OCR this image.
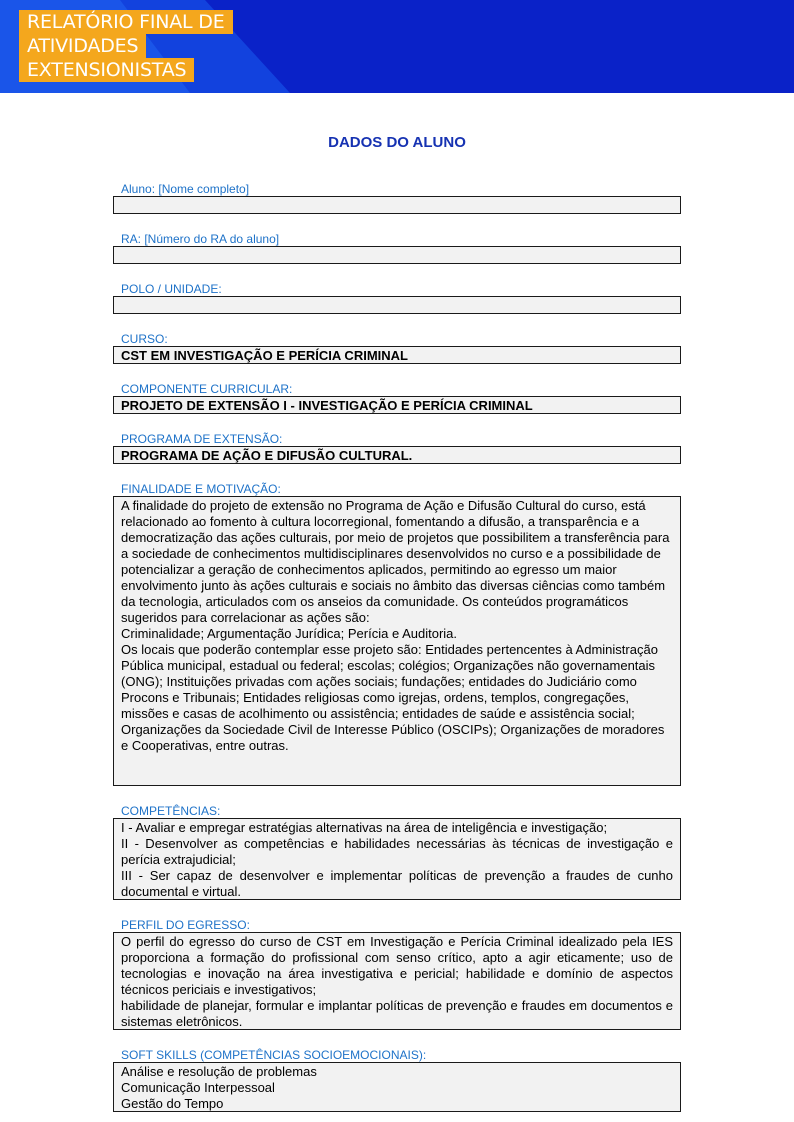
RELATÓRIO FINAL DE
ATIVIDADES
EXTENSIONISTAS
DADOS DO ALUNO
Aluno: [Nome completo]
RA: [Número do RA do aluno]
POLO / UNIDADE:
CURSO:
CST EM INVESTIGAÇÃO E PERÍCIA CRIMINAL
COMPONENTE CURRICULAR:
PROJETO DE EXTENSÃO I - INVESTIGAÇÃO E PERÍCIA CRIMINAL
PROGRAMA DE EXTENSÃO:
PROGRAMA DE AÇÃO E DIFUSÃO CULTURAL.
FINALIDADE E MOTIVAÇÃO:
A finalidade do projeto de extensão no Programa de Ação e Difusão Cultural do curso, está relacionado ao fomento à cultura locorregional, fomentando a difusão, a transparência e a democratização das ações culturais, por meio de projetos que possibilitem a transferência para a sociedade de conhecimentos multidisciplinares desenvolvidos no curso e a possibilidade de potencializar a geração de conhecimentos aplicados, permitindo ao egresso um maior envolvimento junto às ações culturais e sociais no âmbito das diversas ciências como também da tecnologia, articulados com os anseios da comunidade. Os conteúdos programáticos sugeridos para correlacionar as ações são:
Criminalidade; Argumentação Jurídica; Perícia e Auditoria.
Os locais que poderão contemplar esse projeto são: Entidades pertencentes à Administração Pública municipal, estadual ou federal; escolas; colégios; Organizações não governamentais (ONG); Instituições privadas com ações sociais; fundações; entidades do Judiciário como Procons e Tribunais; Entidades religiosas como igrejas, ordens, templos, congregações, missões e casas de acolhimento ou assistência; entidades de saúde e assistência social; Organizações da Sociedade Civil de Interesse Público (OSCIPs); Organizações de moradores e Cooperativas, entre outras.
COMPETÊNCIAS:
I - Avaliar e empregar estratégias alternativas na área de inteligência e investigação;
II - Desenvolver as competências e habilidades necessárias às técnicas de investigação e perícia extrajudicial;
III - Ser capaz de desenvolver e implementar políticas de prevenção a fraudes de cunho documental e virtual.
PERFIL DO EGRESSO:
O perfil do egresso do curso de CST em Investigação e Perícia Criminal idealizado pela IES proporciona a formação do profissional com senso crítico, apto a agir eticamente; uso de tecnologias e inovação na área investigativa e pericial; habilidade e domínio de aspectos técnicos periciais e investigativos;
habilidade de planejar, formular e implantar políticas de prevenção e fraudes em documentos e sistemas eletrônicos.
SOFT SKILLS (COMPETÊNCIAS SOCIOEMOCIONAIS):
Análise e resolução de problemas
Comunicação Interpessoal
Gestão do Tempo
